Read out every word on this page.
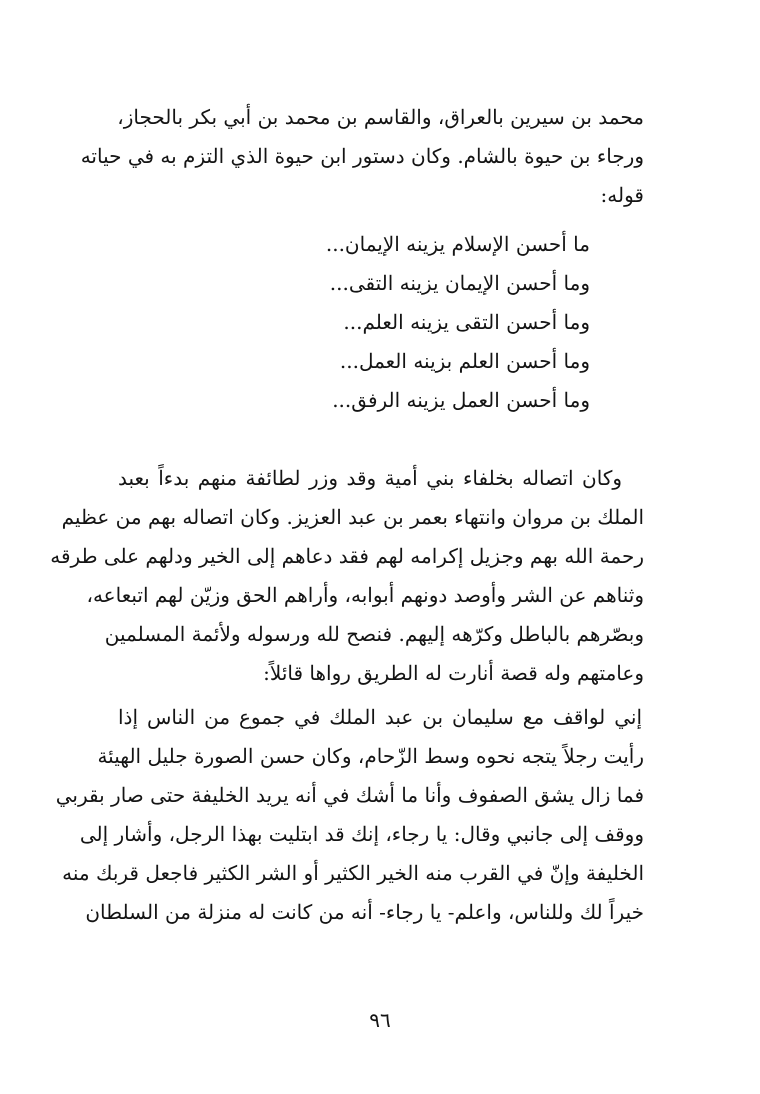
محمد بن سيرين بالعراق، والقاسم بن محمد بن أبي بكر بالحجاز،
ورجاء بن حيوة بالشام. وكان دستور ابن حيوة الذي التزم به في حياته
قوله:
ما أحسن الإسلام يزينه الإيمان...
وما أحسن الإيمان يزينه التقى...
وما أحسن التقى يزينه العلم...
وما أحسن العلم بزينه العمل...
وما أحسن العمل يزينه الرفق...
وكان اتصاله بخلفاء بني أمية وقد وزر لطائفة منهم بدءاً بعبد
الملك بن مروان وانتهاء بعمر بن عبد العزيز. وكان اتصاله بهم من عظيم
رحمة الله بهم وجزيل إكرامه لهم فقد دعاهم إلى الخير ودلهم على طرقه
وثناهم عن الشر وأوصد دونهم أبوابه، وأراهم الحق وزيّن لهم اتبعاعه،
وبصّرهم بالباطل وكرّهه إليهم. فنصح لله ورسوله ولأئمة المسلمين
وعامتهم وله قصة أنارت له الطريق رواها قائلاً:
إني لواقف مع سليمان بن عبد الملك في جموع من الناس إذا
رأيت رجلاً يتجه نحوه وسط الزّحام، وكان حسن الصورة جليل الهيئة
فما زال يشق الصفوف وأنا ما أشك في أنه يريد الخليفة حتى صار بقربي
ووقف إلى جانبي وقال: يا رجاء، إنك قد ابتليت بهذا الرجل، وأشار إلى
الخليفة وإنّ في القرب منه الخير الكثير أو الشر الكثير فاجعل قربك منه
خيراً لك وللناس، واعلم- يا رجاء- أنه من كانت له منزلة من السلطان
٩٦
